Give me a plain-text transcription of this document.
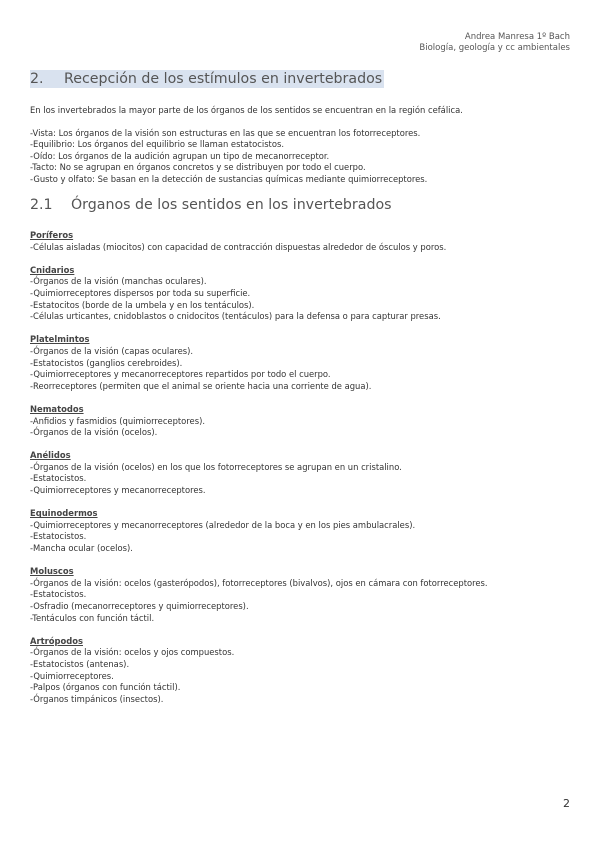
Andrea Manresa 1º Bach
Biología, geología y cc ambientales
2. Recepción de los estímulos en invertebrados

En los invertebrados la mayor parte de los órganos de los sentidos se encuentran en la región cefálica.

-Vista: Los órganos de la visión son estructuras en las que se encuentran los fotorreceptores.

-Equilibrio: Los órganos del equilibrio se llaman estatocistos.

-Oído: Los órganos de la audición agrupan un tipo de mecanorreceptor.

-Tacto: No se agrupan en órganos concretos y se distribuyen por todo el cuerpo.

-Gusto y olfato: Se basan en la detección de sustancias químicas mediante quimiorreceptores.

2.1 Órganos de los sentidos en los invertebrados
Poríferos
-Células aisladas (miocitos) con capacidad de contracción dispuestas alrededor de ósculos y poros.
Cnidarios
-Órganos de la visión (manchas oculares).
-Quimiorreceptores dispersos por toda su superficie.
-Estatocitos (borde de la umbela y en los tentáculos).
-Células urticantes, cnidoblastos o cnidocitos (tentáculos) para la defensa o para capturar presas.
Platelmintos
-Órganos de la visión (capas oculares).
-Estatocistos (ganglios cerebroides).
-Quimiorreceptores y mecanorreceptores repartidos por todo el cuerpo.
-Reorreceptores (permiten que el animal se oriente hacia una corriente de agua).
Nematodos
-Anfidios y fasmidios (quimiorreceptores).
-Órganos de la visión (ocelos).
Anélidos
-Órganos de la visión (ocelos) en los que los fotorreceptores se agrupan en un cristalino.
-Estatocistos.
-Quimiorreceptores y mecanorreceptores.
Equinodermos
-Quimiorreceptores y mecanorreceptores (alrededor de la boca y en los pies ambulacrales).
-Estatocistos.
-Mancha ocular (ocelos).
Moluscos
-Órganos de la visión: ocelos (gasterópodos), fotorreceptores (bivalvos), ojos en cámara con fotorreceptores.
-Estatocistos.
-Osfradio (mecanorreceptores y quimiorreceptores).
-Tentáculos con función táctil.
Artrópodos
-Órganos de la visión: ocelos y ojos compuestos.
-Estatocistos (antenas).
-Quimiorreceptores.
-Palpos (órganos con función táctil).
-Órganos timpánicos (insectos).
2
